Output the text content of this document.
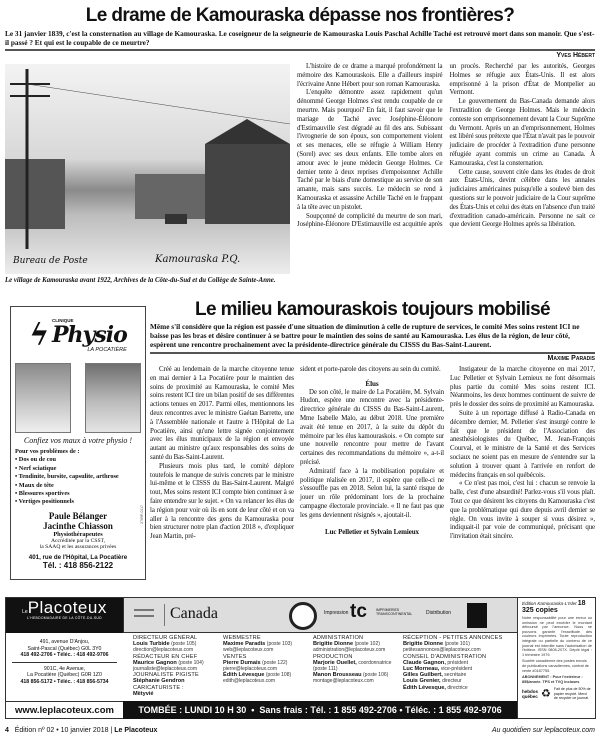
Le drame de Kamouraska dépasse nos frontières?
Le 31 janvier 1839, c'est la consternation au village de Kamouraska. Le coseigneur de la seigneurie de Kamouraska Louis Paschal Achille Taché est retrouvé mort dans son manoir. Que s'est-il passé ? Et qui est le coupable de ce meurtre?
Yves Hébert
Bureau de Poste	Kamouraska P.Q.
Le village de Kamouraska avant 1922, Archives de la Côte-du-Sud et du Collège de Sainte-Anne.

L'histoire de ce drame a marqué profondément la mémoire des Kamouraskois. Elle a d'ailleurs inspiré l'écrivaine Anne Hébert pour son roman Kamouraska.

L'enquête démontre assez rapidement qu'un dénommé George Holmes s'est rendu coupable de ce meurtre. Mais pourquoi? En fait, il faut savoir que le mariage de Taché avec Joséphine-Éléonore d'Estimauville s'est dégradé au fil des ans. Subissant l'ivrognerie de son époux, son comportement violent et ses menaces, elle se réfugie à William Henry (Sorel) avec ses deux enfants. Elle tombe alors en amour avec le jeune médecin George Holmes. Ce dernier tente à deux reprises d'empoisonner Achille Taché par le biais d'une domestique au service de son amante, mais sans succès. Le médecin se rend à Kamouraska et assassine Achille Taché en le frappant à la tête avec un pistolet.

Soupçonné de complicité du meurtre de son mari, Joséphine-Éléonore D'Estimauville est acquittée après un procès. Recherché par les autorités, Georges Holmes se réfugie aux États-Unis. Il est alors emprisonné à la prison d'État de Montpelier au Vermont.

Le gouvernement du Bas-Canada demande alors l'extradition de George Holmes. Mais le médecin conteste son emprisonnement devant la Cour Suprême du Vermont. Après un an d'emprisonnement, Holmes est libéré sous prétexte que l'État n'avait pas le pouvoir judiciaire de procéder à l'extradition d'une personne réfugiée ayant commis un crime au Canada. À Kamouraska, c'est la consternation.

Cette cause, souvent citée dans les études de droit aux États-Unis, devint célèbre dans les annales judiciaires américaines puisqu'elle a soulevé bien des questions sur le pouvoir judiciaire de la Cour suprême des États-Unis et celui des états en l'absence d'un traité d'extradition canado-américain. Personne ne sait ce que devient George Holmes après sa libération.

Le milieu kamouraskois toujours mobilisé
Même s'il considère que la région est passée d'une situation de diminution à celle de rupture de services, le comité Mes soins restent ICI ne baisse pas les bras et désire continuer à se battre pour le maintien des soins de santé au Kamouraska. Les élus de la région, de leur côté, espèrent une rencontre prochainement avec la présidente-directrice générale du CISSS du Bas-Saint-Laurent.
Maxime Paradis

Créé au lendemain de la marche citoyenne tenue en mai dernier à La Pocatière pour le maintien des soins de proximité au Kamouraska, le comité Mes soins restent ICI tire un bilan positif de ses différentes actions tenues en 2017. Parmi elles, mentionnons les deux rencontres avec le ministre Gaétan Barrette, une à l'Assemblée nationale et l'autre à l'Hôpital de La Pocatière, ainsi qu'une lettre signée conjointement avec les élus municipaux de la région et envoyée autant au ministre qu'aux responsables des soins de santé du Bas-Saint-Laurent.

Plusieurs mois plus tard, le comité déplore toutefois le manque de suivis concrets par le ministre lui-même et le CISSS du Bas-Saint-Laurent. Malgré tout, Mes soins restent ICI compte bien continuer à se faire entendre sur le sujet. « On va relancer les élus de la région pour voir où ils en sont de leur côté et on va aller à la rencontre des gens du Kamouraska pour bien structurer notre plan d'action 2018 », d'expliquer Jean Martin, pré-

sident et porte-parole des citoyens au sein du comité.
Élus

De son côté, le maire de La Pocatière, M. Sylvain Hudon, espère une rencontre avec la présidente-directrice générale du CISSS du Bas-Saint-Laurent, Mme Isabelle Malo, au début 2018. Une première avait été tenue en 2017, à la suite du dépôt du mémoire par les élus kamouraskois. « On compte sur une nouvelle rencontre pour mettre de l'avant certaines des recommandations du mémoire », a-t-il précisé.

Admiratif face à la mobilisation populaire et politique réalisée en 2017, il espère que celle-ci ne s'essouffle pas en 2018. Selon lui, la santé risque de jouer un rôle prédominant lors de la prochaine campagne électorale provinciale. « Il ne faut pas que les gens deviennent résignés », ajoutait-il.

Luc Pelletier et Sylvain Lemieux

Instigateur de la marche citoyenne en mai 2017, Luc Pelletier et Sylvain Lemieux ne font désormais plus partie du comité Mes soins restent ICI. Néanmoins, les deux hommes continuent de suivre de près le dossier des soins de proximité au Kamouraska.

Suite à un reportage diffusé à Radio-Canada en décembre dernier, M. Pelletier s'est insurgé contre le fait que le président de l'Association des anesthésiologistes du Québec, M. Jean-François Courval, et le ministre de la Santé et des Services sociaux ne soient pas en mesure de s'entendre sur la solution à trouver quant à l'arrivée en renfort de médecins français en sol québécois.

« Ce n'est pas moi, c'est lui : chacun se renvoie la balle, c'est d'une absurdité! Parlez-vous s'il vous plaît. Tout ce que désirent les citoyens du Kamouraska c'est que la problématique qui dure depuis avril dernier se règle. On vous invite à souper si vous désirez », indiquait-il par voie de communiqué, précisant que l'invitation était sincère.

ϟ CLINIQUE
Physio
LA POCATIÈRE
Confiez vos maux à votre physio !
Pour vos problèmes de :
• Dos ou de cou
• Nerf sciatique
• Tendinite, bursite, capsulite, arthrose
• Maux de tête
• Blessures sportives
• Vertiges positionnels
Paule Bélanger
Jacinthe Chiasson
Physiothérapeutes
Accréditée par la CSST,
la SAAQ et les assurances privées
401, rue de l'Hôpital, La Pocatière
Tél. : 418 856-2122
2769P-0117
LePlacoteux
L'HEBDOMADAIRE DE LA CÔTE-DU-SUD
491, avenue D'Anjou,
Saint-Pascal (Québec) G0L 3Y0
418 492-2706 • Téléc. : 418 492-9706
901C, 4e Avenue,
La Pocatière (Québec) G0R 1Z0
418 856-5172 • Téléc. : 418 856-5734
www.leplacoteux.com
Canada	Impression tc	IMPRIMERIES TRANSCONTINENTAL	Distribution
DIRECTEUR GÉNÉRAL
Louis Turbide (poste 105)
direction@leplacoteux.com
RÉDACTEUR EN CHEF
Maurice Gagnon (poste 104)
journaliste@leplacoteux.com
JOURNALISTE PIGISTE
Stéphanie Gendron
CARICATURISTE :
Mëtyvié
WEBMESTRE
Maxime Paradis (poste 103)
web@leplacoteux.com
VENTES
Pierre Dumais (poste 122)
pierre@leplacoteux.com
Édith Lévesque (poste 108)
edith@leplacoteux.com
ADMINISTRATION
Brigitte Dionne (poste 102)
administration@leplacoteux.com
PRODUCTION
Marjorie Ouellet, coordonnatrice (poste 111)
Manon Brousseau (poste 106)
montage@leplacoteux.com
RÉCEPTION - PETITES ANNONCES
Brigitte Dionne (poste 101)
petitesannonces@leplacoteux.com
CONSEIL D'ADMINISTRATION
Claude Gagnon, président
Luc Morneau, vice-président
Gilles Guilbert, secrétaire
Louis Grenier, directeur
Édith Lévesque, directrice
TOMBÉE : LUNDI 10 H 30  •  Sans frais : Tél. : 1 855 492-2706 • Téléc. : 1 855 492-9706
Édition Kamouraska-L'Islet 18 325 copies
Notre responsabilité pour une erreur ou omission ne peut excéder le montant déboursé par l'annonce. Nous ne pouvons garantir l'exactitude des couleurs imprimées. Toute reproduction intégrale ou partielle du contenu de ce journal est interdite sans l'autorisation de l'éditeur. ISSN 0808-207X. Dépôt légal : 1 trimestre 1979.
Société canadienne des postes envois de publications canadiennes, contrat de vente #0187755.
ABONNEMENT : Pour l'extérieur : 85$/année. TPS et TVQ incluses
hebdos québec ♻ Fait de plus de 50% de papier recyclé. Merci de recycler ce journal.
4 Édition nº 02 • 10 janvier 2018 | Le Placoteux	Au quotidien sur leplacoteux.com
